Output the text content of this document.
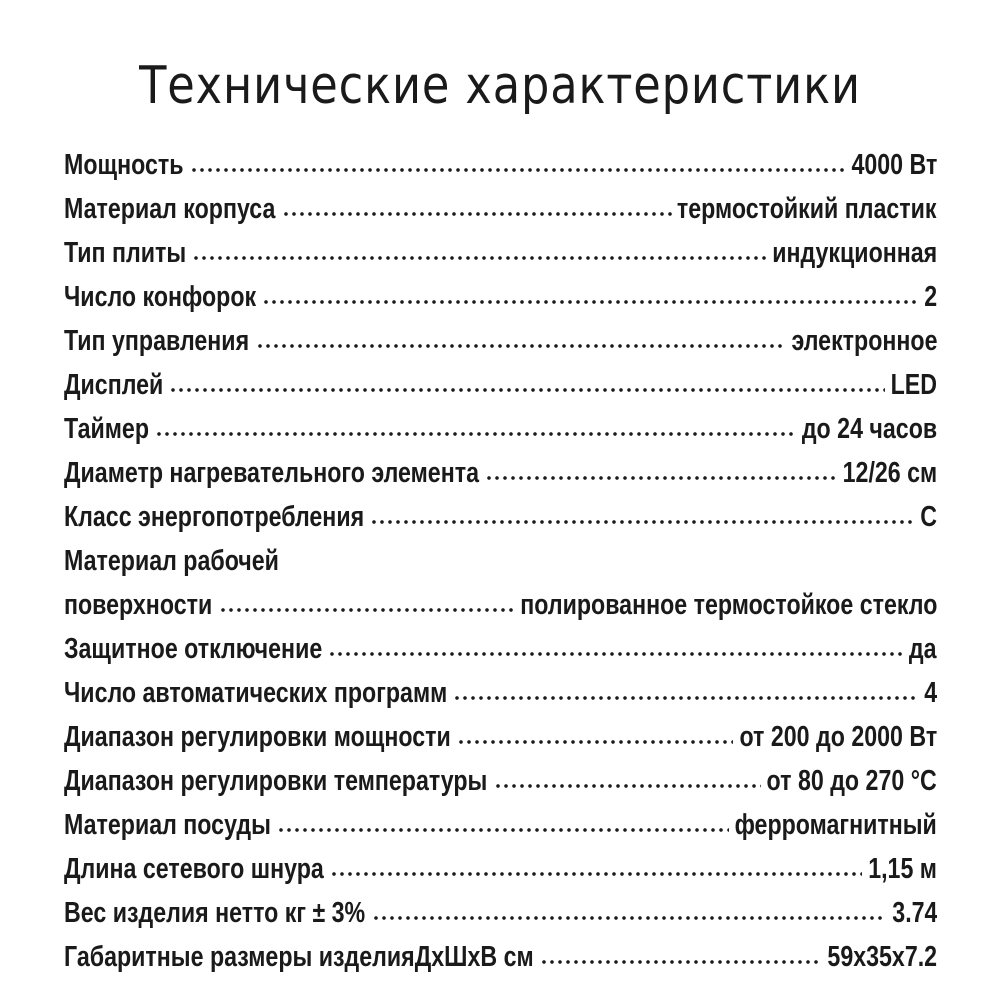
Технические характеристики
Мощность	4000 Вт
Материал корпуса	термостойкий пластик
Тип плиты	индукционная
Число конфорок	2
Тип управления	электронное
Дисплей	LED
Таймер	до 24 часов
Диаметр нагревательного элемента	12/26 см
Класс энергопотребления	С
Материал рабочей
поверхности	полированное термостойкое стекло
Защитное отключение	да
Число автоматических программ	4
Диапазон регулировки мощности	от 200 до 2000 Вт
Диапазон регулировки температуры	от 80 до 270 °С
Материал посуды	ферромагнитный
Длина сетевого шнура	1,15 м
Вес изделия нетто кг ± 3%	3.74
Габаритные размеры изделияДхШхВ см	59х35х7.2
